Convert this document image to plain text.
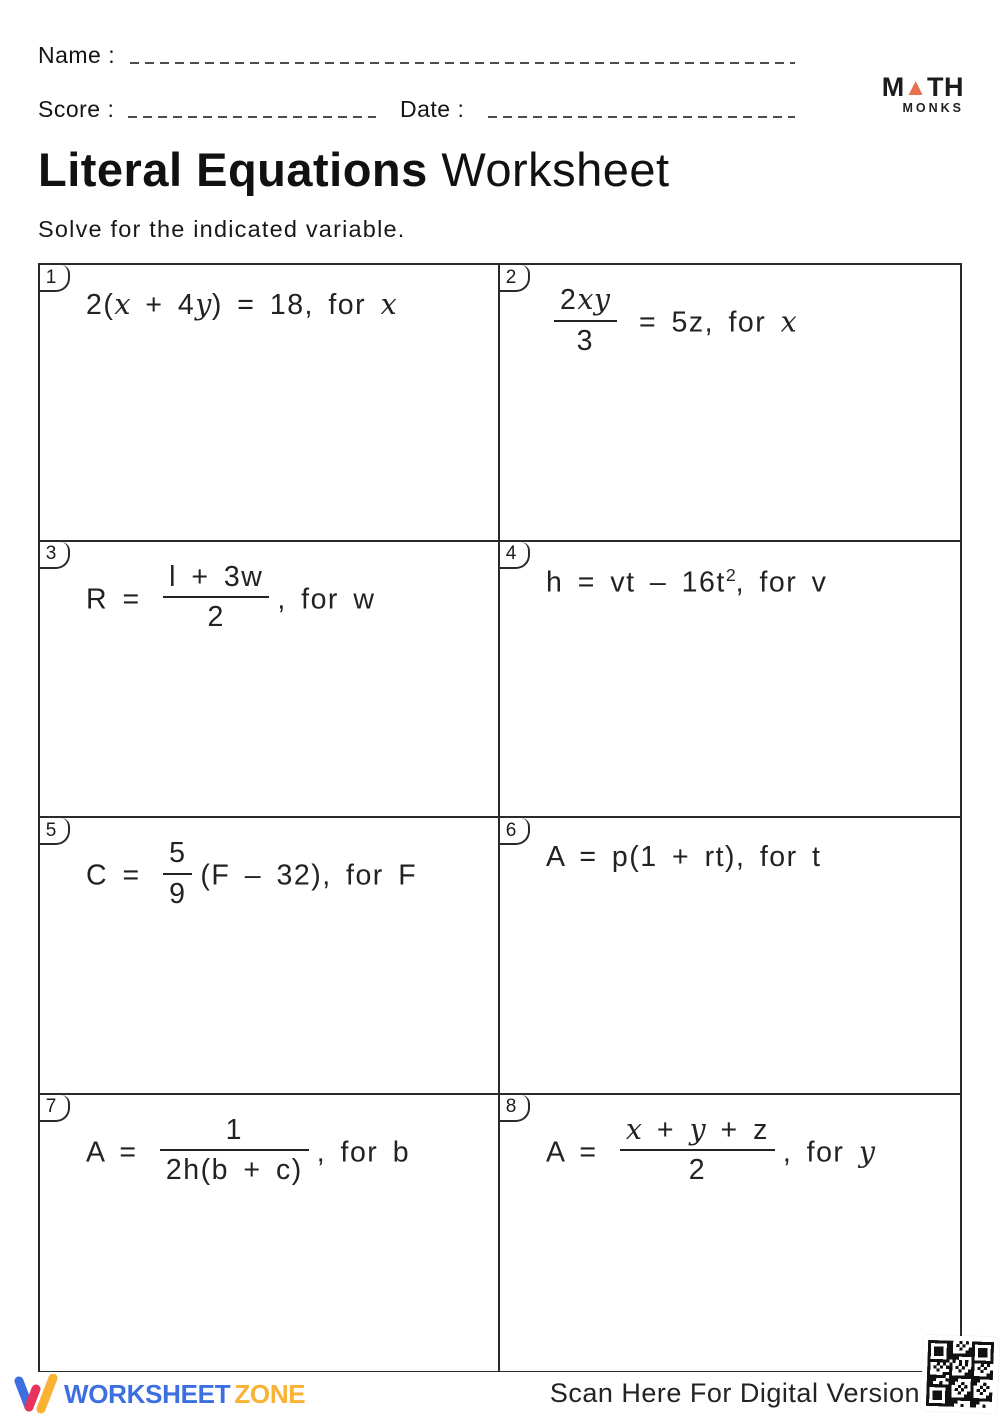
Name :
Score :	Date :
M ▲ TH
MONKS
Literal Equations Worksheet
Solve for the indicated variable.
1
2(x + 4y) = 18, for x
2
$\frac{2xy}{3} = 5z$, for x
3
$R = \frac{l + 3w}{2}$ , for w
4
h = vt – $16t^2$, for v
5
$C = \frac{5}{9} (F - 32)$, for F
6
A = p(1 + rt), for t
7
$A = \frac{1}{2h(b + c)}$ , for b
8
$A = \frac{x + y + z}{2}$ , for y
WORKSHEET ZONE	Scan Here For Digital Version
